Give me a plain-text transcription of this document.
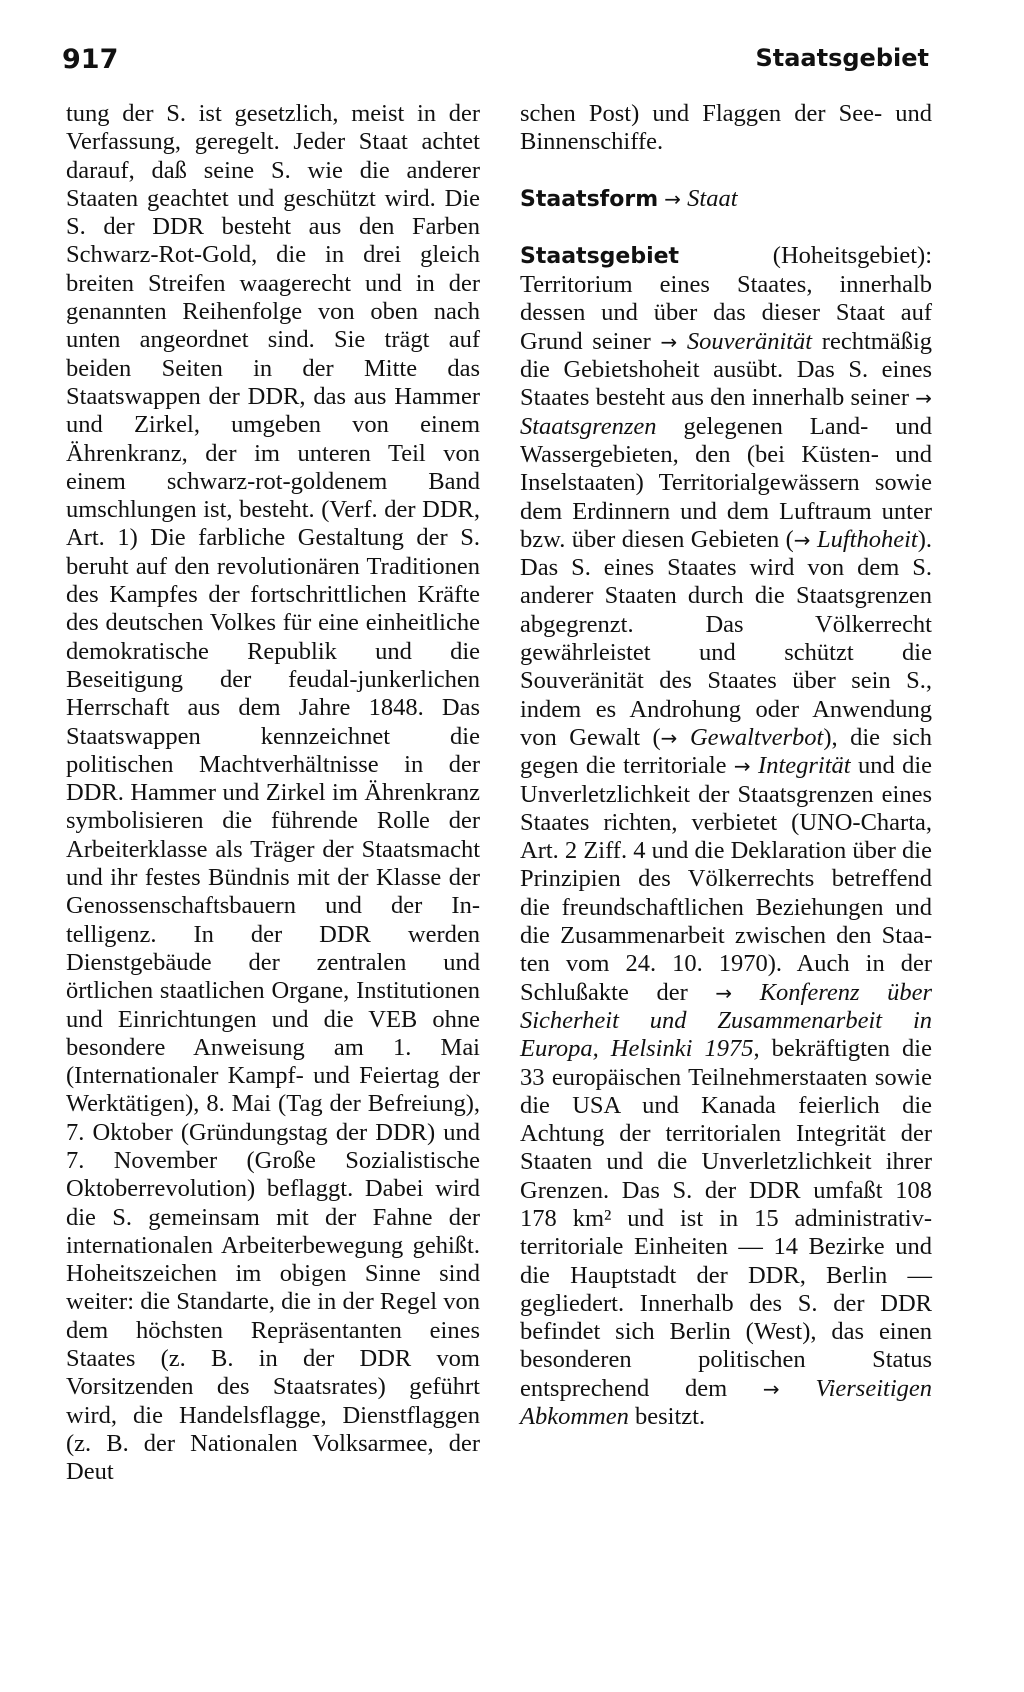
917	Staatsgebiet

tung der S. ist gesetzlich, meist in der Verfassung, geregelt. Jeder Staat achtet darauf, daß seine S. wie die anderer Staaten geachtet und geschützt wird. Die S. der DDR besteht aus den Farben Schwarz-Rot-Gold, die in drei gleich breiten Streifen waagerecht und in der genannten Reihenfolge von oben nach unten angeordnet sind. Sie trägt auf beiden Seiten in der Mitte das Staatswappen der DDR, das aus Hammer und Zirkel, umgeben von einem Ährenkranz, der im unteren Teil von einem schwarz-rot-goldenem Band umschlungen ist, besteht. (Verf. der DDR, Art. 1) Die farbliche Gestaltung der S. beruht auf den revolutionären Traditionen des Kampfes der fortschrittlichen Kräfte des deutschen Volkes für eine einheitliche demokratische Republik und die Beseitigung der feudal-junkerlichen Herrschaft aus dem Jahre 1848. Das Staatswappen kennzeichnet die politischen Machtverhältnisse in der DDR. Hammer und Zirkel im Ährenkranz symbolisieren die führende Rolle der Arbeiterklasse als Träger der Staatsmacht und ihr festes Bündnis mit der Klasse der Genossenschaftsbauern und der Intelligenz. In der DDR werden Dienstgebäude der zentralen und örtlichen staatlichen Organe, Institutionen und Einrichtungen und die VEB ohne besondere Anweisung am 1. Mai (Internationaler Kampf- und Feiertag der Werktätigen), 8. Mai (Tag der Befreiung), 7. Oktober (Gründungstag der DDR) und 7. November (Große Sozialistische Oktoberrevolution) beflaggt. Dabei wird die S. gemeinsam mit der Fahne der internationalen Arbeiterbewegung gehißt. Hoheitszeichen im obigen Sinne sind weiter: die Standarte, die in der Regel von dem höchsten Repräsentanten eines Staates (z. B. in der DDR vom Vorsitzenden des Staatsrates) geführt wird, die Handelsflagge, Dienstflaggen (z. B. der Nationalen Volksarmee, der Deut

schen Post) und Flaggen der See- und Binnenschiffe.

Staatsform → Staat

Staatsgebiet (Hoheitsgebiet): Territorium eines Staates, innerhalb dessen und über das dieser Staat auf Grund seiner → Souveränität rechtmäßig die Gebietshoheit ausübt. Das S. eines Staates besteht aus den innerhalb seiner → Staatsgrenzen gelegenen Land- und Wassergebieten, den (bei Küsten- und Inselstaaten) Territorialgewässern sowie dem Erdinnern und dem Luftraum unter bzw. über diesen Gebieten (→ Lufthoheit). Das S. eines Staates wird von dem S. anderer Staaten durch die Staatsgrenzen abgegrenzt. Das Völkerrecht gewährleistet und schützt die Souveränität des Staates über sein S., indem es Androhung oder Anwendung von Gewalt (→ Gewaltverbot), die sich gegen die territoriale → Integrität und die Unverletzlichkeit der Staatsgrenzen eines Staates richten, verbietet (UNO-Charta, Art. 2 Ziff. 4 und die Deklaration über die Prinzipien des Völkerrechts betreffend die freundschaftlichen Beziehungen und die Zusammenarbeit zwischen den Staaten vom 24. 10. 1970). Auch in der Schlußakte der → Konferenz über Sicherheit und Zusammenarbeit in Europa, Helsinki 1975, bekräftigten die 33 europäischen Teilnehmerstaaten sowie die USA und Kanada feierlich die Achtung der territorialen Integrität der Staaten und die Unverletzlichkeit ihrer Grenzen. Das S. der DDR umfaßt 108 178 km² und ist in 15 administrativ-territoriale Einheiten — 14 Bezirke und die Hauptstadt der DDR, Berlin — gegliedert. Innerhalb des S. der DDR befindet sich Berlin (West), das einen besonderen politischen Status entsprechend dem → Vierseitigen Abkommen besitzt.
